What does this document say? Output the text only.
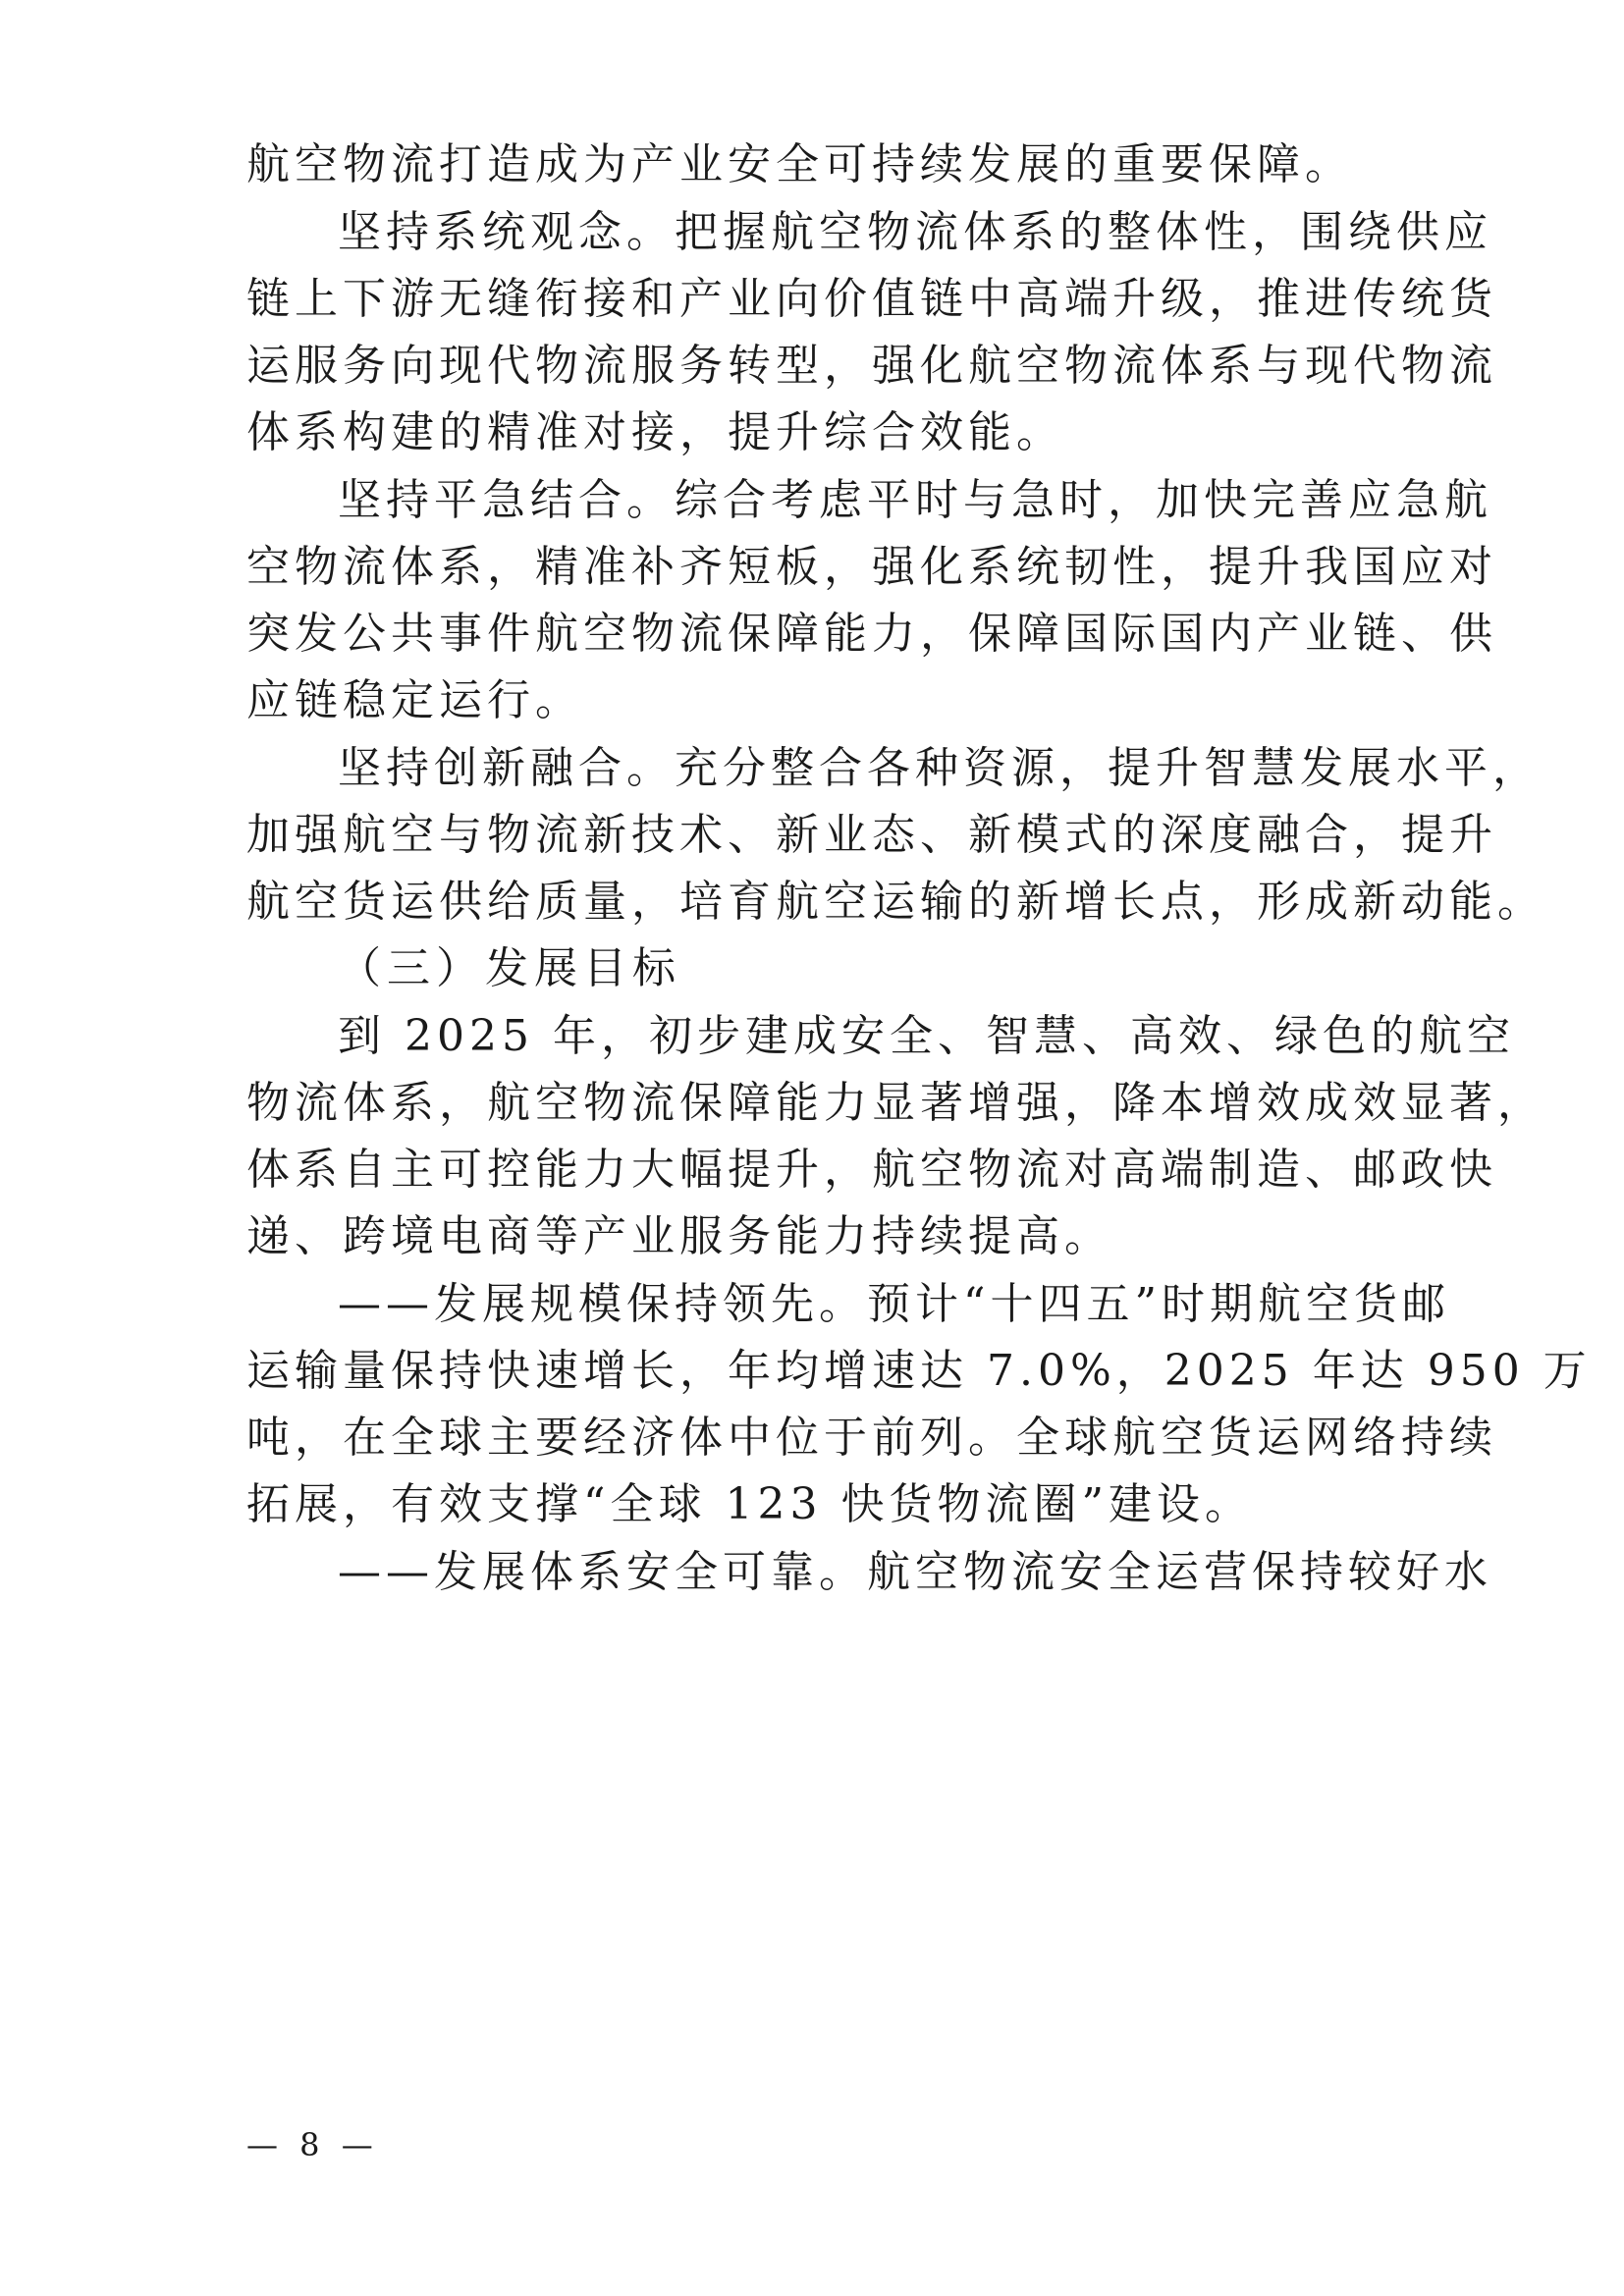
航空物流打造成为产业安全可持续发展的重要保障。
坚持系统观念。把握航空物流体系的整体性，围绕供应
链上下游无缝衔接和产业向价值链中高端升级，推进传统货
运服务向现代物流服务转型，强化航空物流体系与现代物流
体系构建的精准对接，提升综合效能。
坚持平急结合。综合考虑平时与急时，加快完善应急航
空物流体系，精准补齐短板，强化系统韧性，提升我国应对
突发公共事件航空物流保障能力，保障国际国内产业链、供
应链稳定运行。
坚持创新融合。充分整合各种资源，提升智慧发展水平，
加强航空与物流新技术、新业态、新模式的深度融合，提升
航空货运供给质量，培育航空运输的新增长点，形成新动能。
（三）发展目标
到 2025 年，初步建成安全、智慧、高效、绿色的航空
物流体系，航空物流保障能力显著增强，降本增效成效显著，
体系自主可控能力大幅提升，航空物流对高端制造、邮政快
递、跨境电商等产业服务能力持续提高。
——发展规模保持领先。预计“十四五”时期航空货邮
运输量保持快速增长，年均增速达 7.0%，2025 年达 950 万
吨，在全球主要经济体中位于前列。全球航空货运网络持续
拓展，有效支撑“全球 123 快货物流圈”建设。
——发展体系安全可靠。航空物流安全运营保持较好水
— 8 —
